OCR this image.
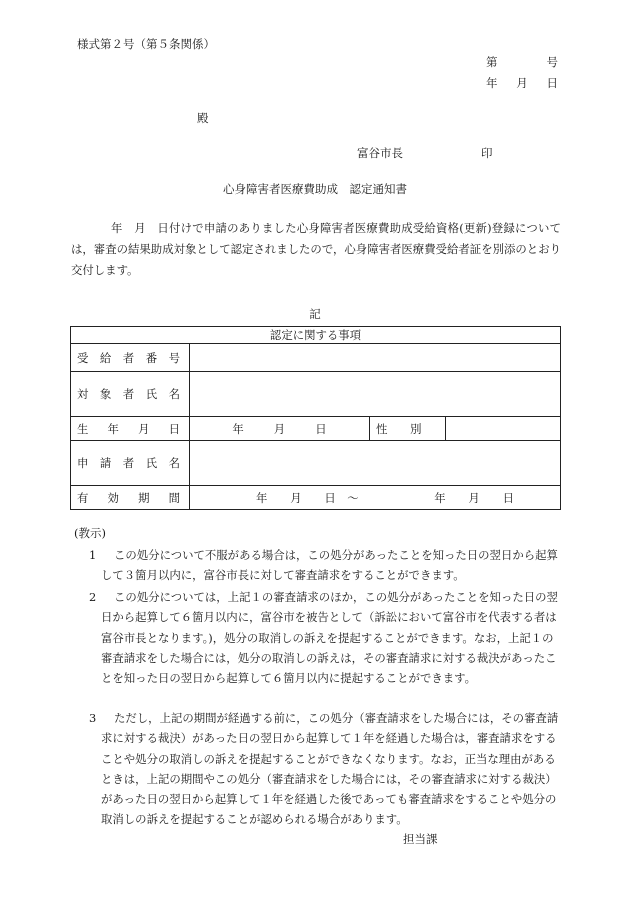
様式第２号（第５条関係）
第	号
年 月 日
殿
富谷市長	印
心身障害者医療費助成　認定通知書
年　月　日付けで申請のありました心身障害者医療費助成受給資格(更新)登録については，審査の結果助成対象として認定されましたので，心身障害者医療費受給者証を別添のとおり交付します。
記
認定に関する事項			
受給者番号			
対象者氏名			
生年月日	年 月 日	性　　別	
申請者氏名			
有効期間	年　　 月　　 日　 ～ 年　　 月　　 日		
(教示)
1	この処分について不服がある場合は，この処分があったことを知った日の翌日から起算して３箇月以内に，富谷市長に対して審査請求をすることができます。
2	この処分については，上記１の審査請求のほか，この処分があったことを知った日の翌日から起算して６箇月以内に，富谷市を被告として（訴訟において富谷市を代表する者は富谷市長となります。)，処分の取消しの訴えを提起することができます。なお，上記１の審査請求をした場合には，処分の取消しの訴えは，その審査請求に対する裁決があったことを知った日の翌日から起算して６箇月以内に提起することができます。
3	ただし，上記の期間が経過する前に，この処分（審査請求をした場合には，その審査請求に対する裁決）があった日の翌日から起算して１年を経過した場合は，審査請求をすることや処分の取消しの訴えを提起することができなくなります。なお，正当な理由があるときは，上記の期間やこの処分（審査請求をした場合には，その審査請求に対する裁決）があった日の翌日から起算して１年を経過した後であっても審査請求をすることや処分の取消しの訴えを提起することが認められる場合があります。
担当課
